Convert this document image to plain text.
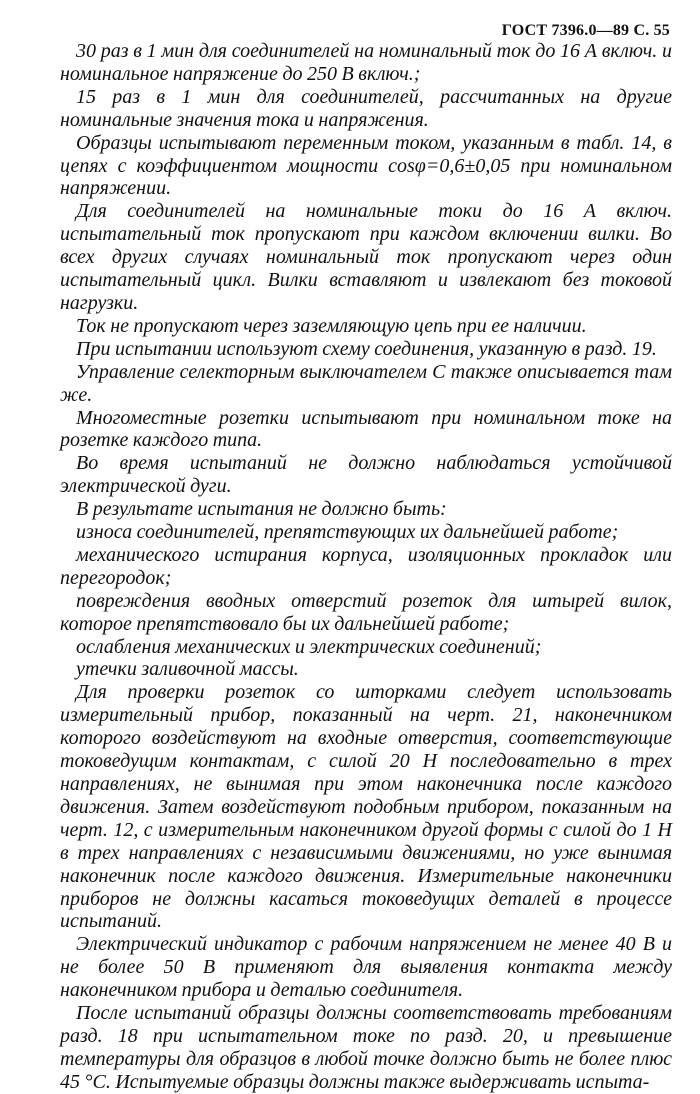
ГОСТ 7396.0—89 С. 55

30 раз в 1 мин для соединителей на номинальный ток до 16 А включ. и номинальное напряжение до 250 В включ.;

15 раз в 1 мин для соединителей, рассчитанных на другие номинальные значения тока и напряжения.

Образцы испытывают переменным током, указанным в табл. 14, в цепях с коэффициентом мощности cosφ=0,6±0,05 при номинальном напряжении.

Для соединителей на номинальные токи до 16 А включ. испытательный ток пропускают при каждом включении вилки. Во всех других случаях номинальный ток пропускают через один испытательный цикл. Вилки вставляют и извлекают без токовой нагрузки.

Ток не пропускают через заземляющую цепь при ее наличии.

При испытании используют схему соединения, указанную в разд. 19.

Управление селекторным выключателем С также описывается там же.

Многоместные розетки испытывают при номинальном токе на розетке каждого типа.

Во время испытаний не должно наблюдаться устойчивой электрической дуги.

В результате испытания не должно быть:

износа соединителей, препятствующих их дальнейшей работе;

механического истирания корпуса, изоляционных прокладок или перегородок;

повреждения вводных отверстий розеток для штырей вилок, которое препятствовало бы их дальнейшей работе;

ослабления механических и электрических соединений;

утечки заливочной массы.

Для проверки розеток со шторками следует использовать измерительный прибор, показанный на черт. 21, наконечником которого воздействуют на входные отверстия, соответствующие токоведущим контактам, с силой 20 Н последовательно в трех направлениях, не вынимая при этом наконечника после каждого движения. Затем воздействуют подобным прибором, показанным на черт. 12, с измерительным наконечником другой формы с силой до 1 Н в трех направлениях с независимыми движениями, но уже вынимая наконечник после каждого движения. Измерительные наконечники приборов не должны касаться токоведущих деталей в процессе испытаний.

Электрический индикатор с рабочим напряжением не менее 40 В и не более 50 В применяют для выявления контакта между наконечником прибора и деталью соединителя.

После испытаний образцы должны соответствовать требованиям разд. 18 при испытательном токе по разд. 20, и превышение температуры для образцов в любой точке должно быть не более плюс 45 °С. Испытуемые образцы должны также выдерживать испыта-
